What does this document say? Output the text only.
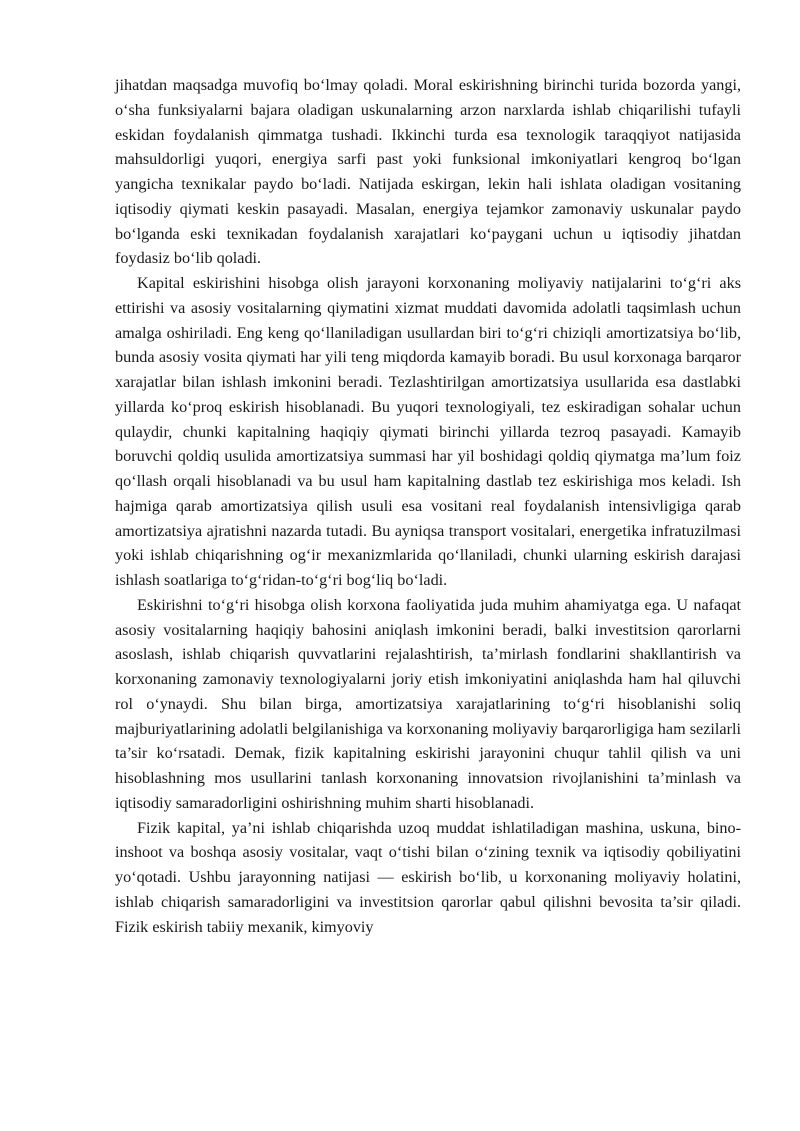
jihatdan maqsadga muvofiq bo‘lmay qoladi. Moral eskirishning birinchi turida bozorda yangi, o‘sha funksiyalarni bajara oladigan uskunalarning arzon narxlarda ishlab chiqarilishi tufayli eskidan foydalanish qimmatga tushadi. Ikkinchi turda esa texnologik taraqqiyot natijasida mahsuldorligi yuqori, energiya sarfi past yoki funksional imkoniyatlari kengroq bo‘lgan yangicha texnikalar paydo bo‘ladi. Natijada eskirgan, lekin hali ishlata oladigan vositaning iqtisodiy qiymati keskin pasayadi. Masalan, energiya tejamkor zamonaviy uskunalar paydo bo‘lganda eski texnikadan foydalanish xarajatlari ko‘paygani uchun u iqtisodiy jihatdan foydasiz bo‘lib qoladi.

Kapital eskirishini hisobga olish jarayoni korxonaning moliyaviy natijalarini to‘g‘ri aks ettirishi va asosiy vositalarning qiymatini xizmat muddati davomida adolatli taqsimlash uchun amalga oshiriladi. Eng keng qo‘llaniladigan usullardan biri to‘g‘ri chiziqli amortizatsiya bo‘lib, bunda asosiy vosita qiymati har yili teng miqdorda kamayib boradi. Bu usul korxonaga barqaror xarajatlar bilan ishlash imkonini beradi. Tezlashtirilgan amortizatsiya usullarida esa dastlabki yillarda ko‘proq eskirish hisoblanadi. Bu yuqori texnologiyali, tez eskiradigan sohalar uchun qulaydir, chunki kapitalning haqiqiy qiymati birinchi yillarda tezroq pasayadi. Kamayib boruvchi qoldiq usulida amortizatsiya summasi har yil boshidagi qoldiq qiymatga ma’lum foiz qo‘llash orqali hisoblanadi va bu usul ham kapitalning dastlab tez eskirishiga mos keladi. Ish hajmiga qarab amortizatsiya qilish usuli esa vositani real foydalanish intensivligiga qarab amortizatsiya ajratishni nazarda tutadi. Bu ayniqsa transport vositalari, energetika infratuzilmasi yoki ishlab chiqarishning og‘ir mexanizmlarida qo‘llaniladi, chunki ularning eskirish darajasi ishlash soatlariga to‘g‘ridan-to‘g‘ri bog‘liq bo‘ladi.

Eskirishni to‘g‘ri hisobga olish korxona faoliyatida juda muhim ahamiyatga ega. U nafaqat asosiy vositalarning haqiqiy bahosini aniqlash imkonini beradi, balki investitsion qarorlarni asoslash, ishlab chiqarish quvvatlarini rejalashtirish, ta’mirlash fondlarini shakllantirish va korxonaning zamonaviy texnologiyalarni joriy etish imkoniyatini aniqlashda ham hal qiluvchi rol o‘ynaydi. Shu bilan birga, amortizatsiya xarajatlarining to‘g‘ri hisoblanishi soliq majburiyatlarining adolatli belgilanishiga va korxonaning moliyaviy barqarorligiga ham sezilarli ta’sir ko‘rsatadi. Demak, fizik kapitalning eskirishi jarayonini chuqur tahlil qilish va uni hisoblashning mos usullarini tanlash korxonaning innovatsion rivojlanishini ta’minlash va iqtisodiy samaradorligini oshirishning muhim sharti hisoblanadi.

Fizik kapital, ya’ni ishlab chiqarishda uzoq muddat ishlatiladigan mashina, uskuna, bino-inshoot va boshqa asosiy vositalar, vaqt o‘tishi bilan o‘zining texnik va iqtisodiy qobiliyatini yo‘qotadi. Ushbu jarayonning natijasi — eskirish bo‘lib, u korxonaning moliyaviy holatini, ishlab chiqarish samaradorligini va investitsion qarorlar qabul qilishni bevosita ta’sir qiladi. Fizik eskirish tabiiy mexanik, kimyoviy
